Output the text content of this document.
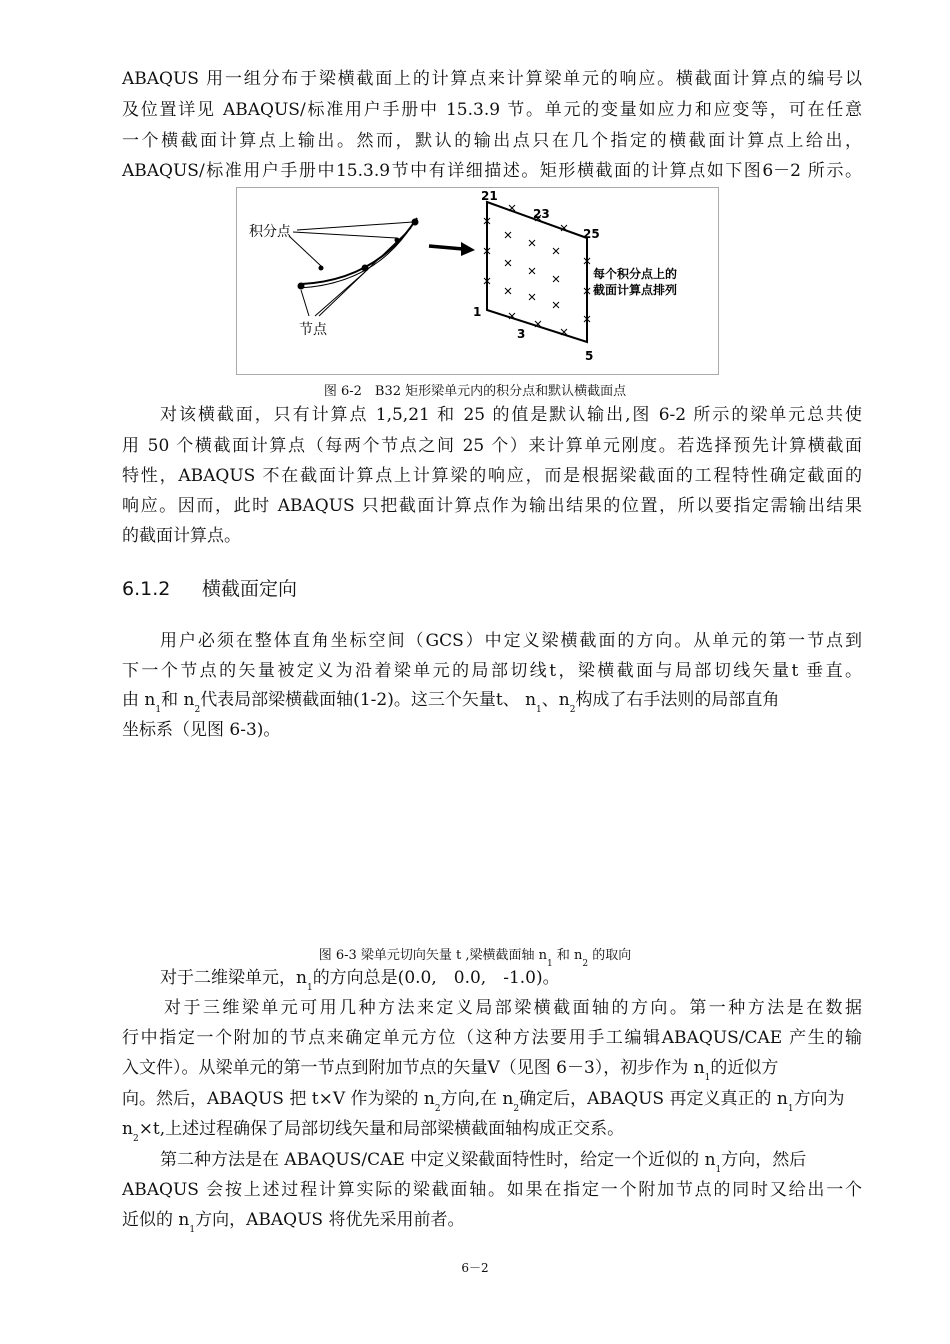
ABAQUS 用一组分布于梁横截面上的计算点来计算梁单元的响应。横截面计算点的编号以
及位置详见 ABAQUS/标准用户手册中 15.3.9 节。单元的变量如应力和应变等，可在任意
一个横截面计算点上输出。然而，默认的输出点只在几个指定的横截面计算点上给出，
ABAQUS/标准用户手册中15.3.9节中有详细描述。矩形横截面的计算点如下图6－2 所示。
积分点
节点
21
23
25
1
3
5
每个积分点上的
截面计算点排列
图 6-2　B32 矩形梁单元内的积分点和默认横截面点
对该横截面，只有计算点 1,5,21 和 25 的值是默认输出,图 6-2 所示的梁单元总共使
用 50 个横截面计算点（每两个节点之间 25 个）来计算单元刚度。若选择预先计算横截面
特性，ABAQUS 不在截面计算点上计算梁的响应，而是根据梁截面的工程特性确定截面的
响应。因而，此时 ABAQUS 只把截面计算点作为输出结果的位置，所以要指定需输出结果
的截面计算点。
6.1.2 横截面定向
用户必须在整体直角坐标空间（GCS）中定义梁横截面的方向。从单元的第一节点到
下一个节点的矢量被定义为沿着梁单元的局部切线t，梁横截面与局部切线矢量t 垂直。
由 $n_1$和 $n_2$代表局部梁横截面轴(1-2)。这三个矢量t、 $n_1$、$n_2$构成了右手法则的局部直角
坐标系（见图 6-3)。
图 6-3 梁单元切向矢量 t ,梁横截面轴 $n_1$ 和 $n_2$ 的取向
对于二维梁单元，$n_1$的方向总是(0.0,　0.0,　-1.0)。
对于三维梁单元可用几种方法来定义局部梁横截面轴的方向。第一种方法是在数据
行中指定一个附加的节点来确定单元方位（这种方法要用手工编辑ABAQUS/CAE 产生的输
入文件）。从梁单元的第一节点到附加节点的矢量V（见图 6－3），初步作为 $n_1$的近似方
向。然后，ABAQUS 把 t×V 作为梁的 $n_2$方向,在 $n_2$确定后，ABAQUS 再定义真正的 $n_1$方向为
$n_2\times t$,上述过程确保了局部切线矢量和局部梁横截面轴构成正交系。
第二种方法是在 ABAQUS/CAE 中定义梁截面特性时，给定一个近似的 $n_1$方向，然后
ABAQUS 会按上述过程计算实际的梁截面轴。如果在指定一个附加节点的同时又给出一个
近似的 $n_1$方向，ABAQUS 将优先采用前者。
6－2
